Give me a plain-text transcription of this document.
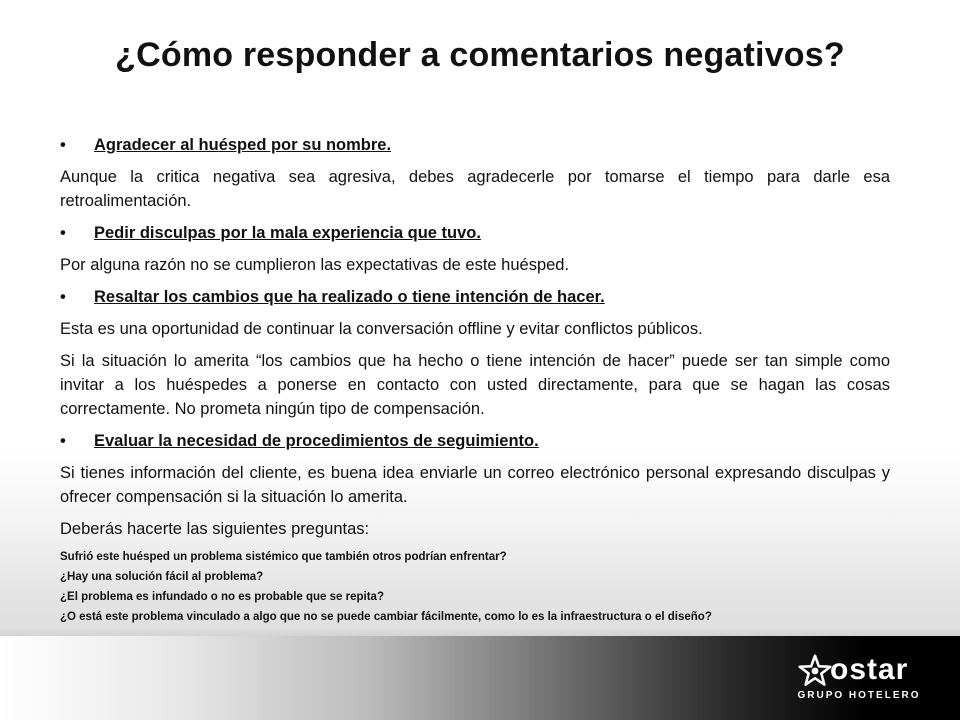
¿Cómo responder a comentarios negativos?
• Agradecer al huésped por su nombre.
Aunque la critica negativa sea agresiva, debes agradecerle por tomarse el tiempo para darle esa retroalimentación.
• Pedir disculpas por la mala experiencia que tuvo.
Por alguna razón no se cumplieron las expectativas de este huésped.
• Resaltar los cambios que ha realizado o tiene intención de hacer.
Esta es una oportunidad de continuar la conversación offline y evitar conflictos públicos.
Si la situación lo amerita “los cambios que ha hecho o tiene intención de hacer” puede ser tan simple como invitar a los huéspedes a ponerse en contacto con usted directamente, para que se hagan las cosas correctamente. No prometa ningún tipo de compensación.
• Evaluar la necesidad de procedimientos de seguimiento.
Si tienes información del cliente, es buena idea enviarle un correo electrónico personal expresando disculpas y ofrecer compensación si la situación lo amerita.
Deberás hacerte las siguientes preguntas:
Sufrió este huésped un problema sistémico que también otros podrían enfrentar?
¿Hay una solución fácil al problema?
¿El problema es infundado o no es probable que se repita?
¿O está este problema vinculado a algo que no se puede cambiar fácilmente, como lo es la infraestructura o el diseño?
ostar
GRUPO HOTELERO
